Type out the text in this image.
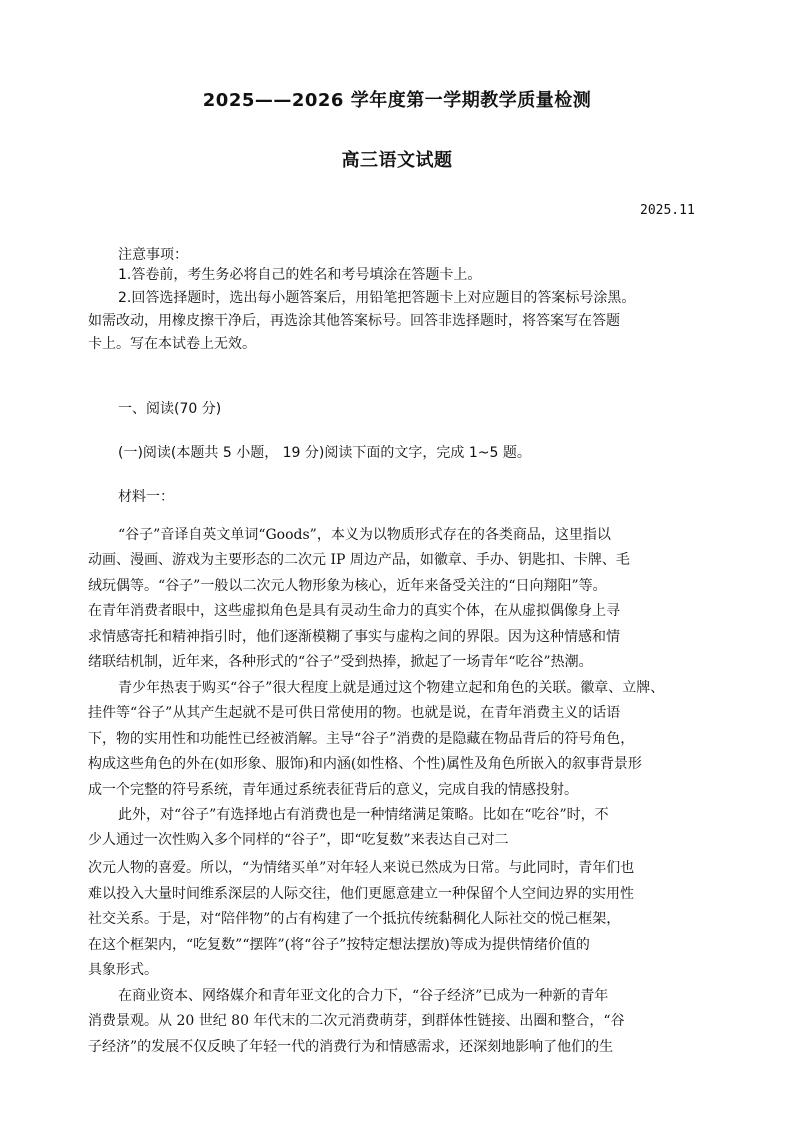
2025——2026 学年度第一学期教学质量检测
高三语文试题

2025.11

注意事项：

1.答卷前，考生务必将自己的姓名和考号填涂在答题卡上。

2.回答选择题时，选出每小题答案后，用铅笔把答题卡上对应题目的答案标号涂黑。

如需改动，用橡皮擦干净后，再选涂其他答案标号。回答非选择题时，将答案写在答题

卡上。写在本试卷上无效。

一、阅读(70 分)

(一)阅读(本题共 5 小题， 19 分)阅读下面的文字，完成 1~5 题。

材料一：

“谷子”音译自英文单词“Goods”，本义为以物质形式存在的各类商品，这里指以

动画、漫画、游戏为主要形态的二次元 IP 周边产品，如徽章、手办、钥匙扣、卡牌、毛

绒玩偶等。“谷子”一般以二次元人物形象为核心，近年来备受关注的“日向翔阳”等。

在青年消费者眼中，这些虚拟角色是具有灵动生命力的真实个体，在从虚拟偶像身上寻

求情感寄托和精神指引时，他们逐渐模糊了事实与虚构之间的界限。因为这种情感和情

绪联结机制，近年来，各种形式的“谷子”受到热捧，掀起了一场青年“吃谷”热潮。

青少年热衷于购买“谷子”很大程度上就是通过这个物建立起和角色的关联。徽章、立牌、

挂件等“谷子”从其产生起就不是可供日常使用的物。也就是说，在青年消费主义的话语

下，物的实用性和功能性已经被消解。主导“谷子”消费的是隐藏在物品背后的符号角色，

构成这些角色的外在(如形象、服饰)和内涵(如性格、个性)属性及角色所嵌入的叙事背景形

成一个完整的符号系统，青年通过系统表征背后的意义，完成自我的情感投射。

此外，对“谷子”有选择地占有消费也是一种情绪满足策略。比如在“吃谷”时，不

少人通过一次性购入多个同样的“谷子”，即“吃复数”来表达自己对二

次元人物的喜爱。所以，“为情绪买单”对年轻人来说已然成为日常。与此同时，青年们也

难以投入大量时间维系深层的人际交往，他们更愿意建立一种保留个人空间边界的实用性

社交关系。于是，对“陪伴物”的占有构建了一个抵抗传统黏稠化人际社交的悦己框架，

在这个框架内，“吃复数”“摆阵”(将“谷子”按特定想法摆放)等成为提供情绪价值的

具象形式。

在商业资本、网络媒介和青年亚文化的合力下，“谷子经济”已成为一种新的青年

消费景观。从 20 世纪 80 年代末的二次元消费萌芽，到群体性链接、出圈和整合，“谷

子经济”的发展不仅反映了年轻一代的消费行为和情感需求，还深刻地影响了他们的生
